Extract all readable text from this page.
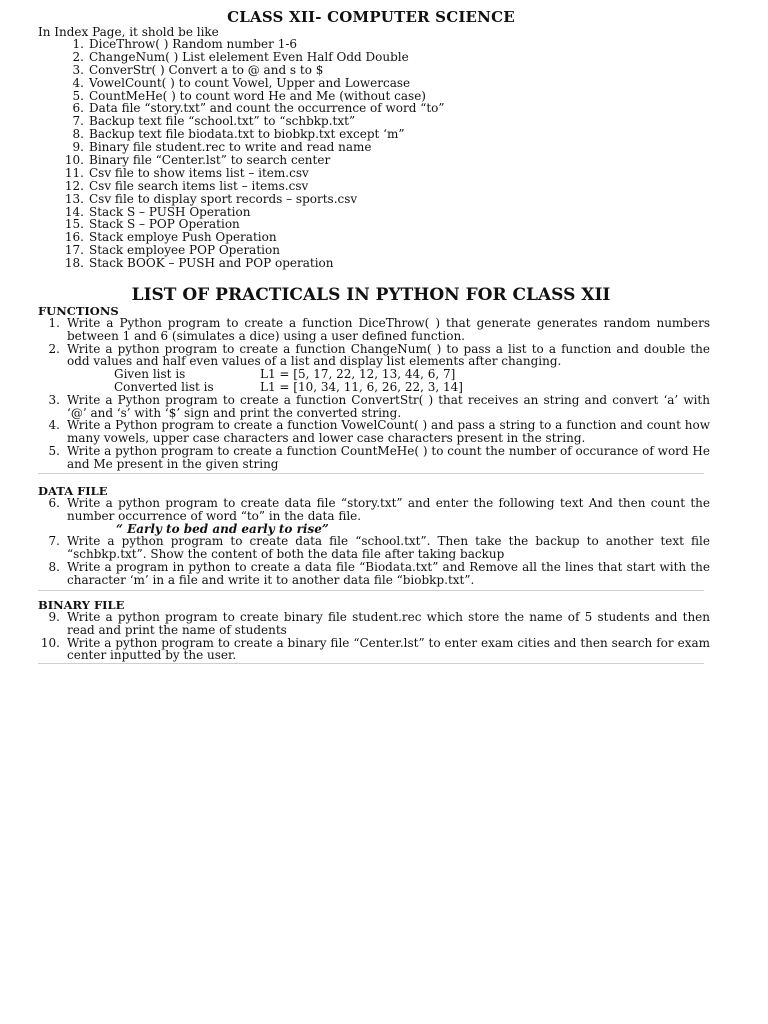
CLASS XII- COMPUTER SCIENCE
In Index Page, it shold be like
1. DiceThrow( ) Random number 1-6
2. ChangeNum( ) List elelement Even Half Odd Double
3. ConverStr( ) Convert a to @ and s to $
4. VowelCount( ) to count Vowel, Upper and Lowercase
5. CountMeHe( ) to count word He and Me (without case)
6. Data file “story.txt” and count the occurrence of word “to”
7. Backup text file “school.txt” to “schbkp.txt”
8. Backup text file biodata.txt to biobkp.txt except ‘m”
9. Binary file student.rec to write and read name
10. Binary file “Center.lst” to search center
11. Csv file to show items list – item.csv
12. Csv file search items list – items.csv
13. Csv file to display sport records – sports.csv
14. Stack S – PUSH Operation
15. Stack S – POP Operation
16. Stack employe Push Operation
17. Stack employee POP Operation
18. Stack BOOK – PUSH and POP operation
LIST OF PRACTICALS IN PYTHON FOR CLASS XII
FUNCTIONS
1. Write a Python program to create a function DiceThrow( ) that generate generates random numbers between 1 and 6 (simulates a dice) using a user defined function.
2. Write a python program to create a function ChangeNum( ) to pass a list to a function and double the odd values and half even values of a list and display list elements after changing.
Given list is	L1 = [5, 17, 22, 12, 13, 44, 6, 7]
Converted list is	L1 = [10, 34, 11, 6, 26, 22, 3, 14]
3. Write a Python program to create a function ConvertStr( ) that receives an string and convert ‘a’ with ‘@’ and ‘s’ with ‘$’ sign and print the converted string.
4. Write a Python program to create a function VowelCount( ) and pass a string to a function and count how many vowels, upper case characters and lower case characters present in the string.
5. Write a python program to create a function CountMeHe( ) to count the number of occurance of word He and Me present in the given string
DATA FILE
6. Write a python program to create data file “story.txt” and enter the following text And then count the number occurrence of word “to” in the data file.
“ Early to bed and early to rise”
7. Write a python program to create data file “school.txt”. Then take the backup to another text file “schbkp.txt”. Show the content of both the data file after taking backup
8. Write a program in python to create a data file “Biodata.txt” and Remove all the lines that start with the character ‘m’ in a file and write it to another data file “biobkp.txt”.
BINARY FILE
9. Write a python program to create binary file student.rec which store the name of 5 students and then read and print the name of students
10. Write a python program to create a binary file “Center.lst” to enter exam cities and then search for exam center inputted by the user.
